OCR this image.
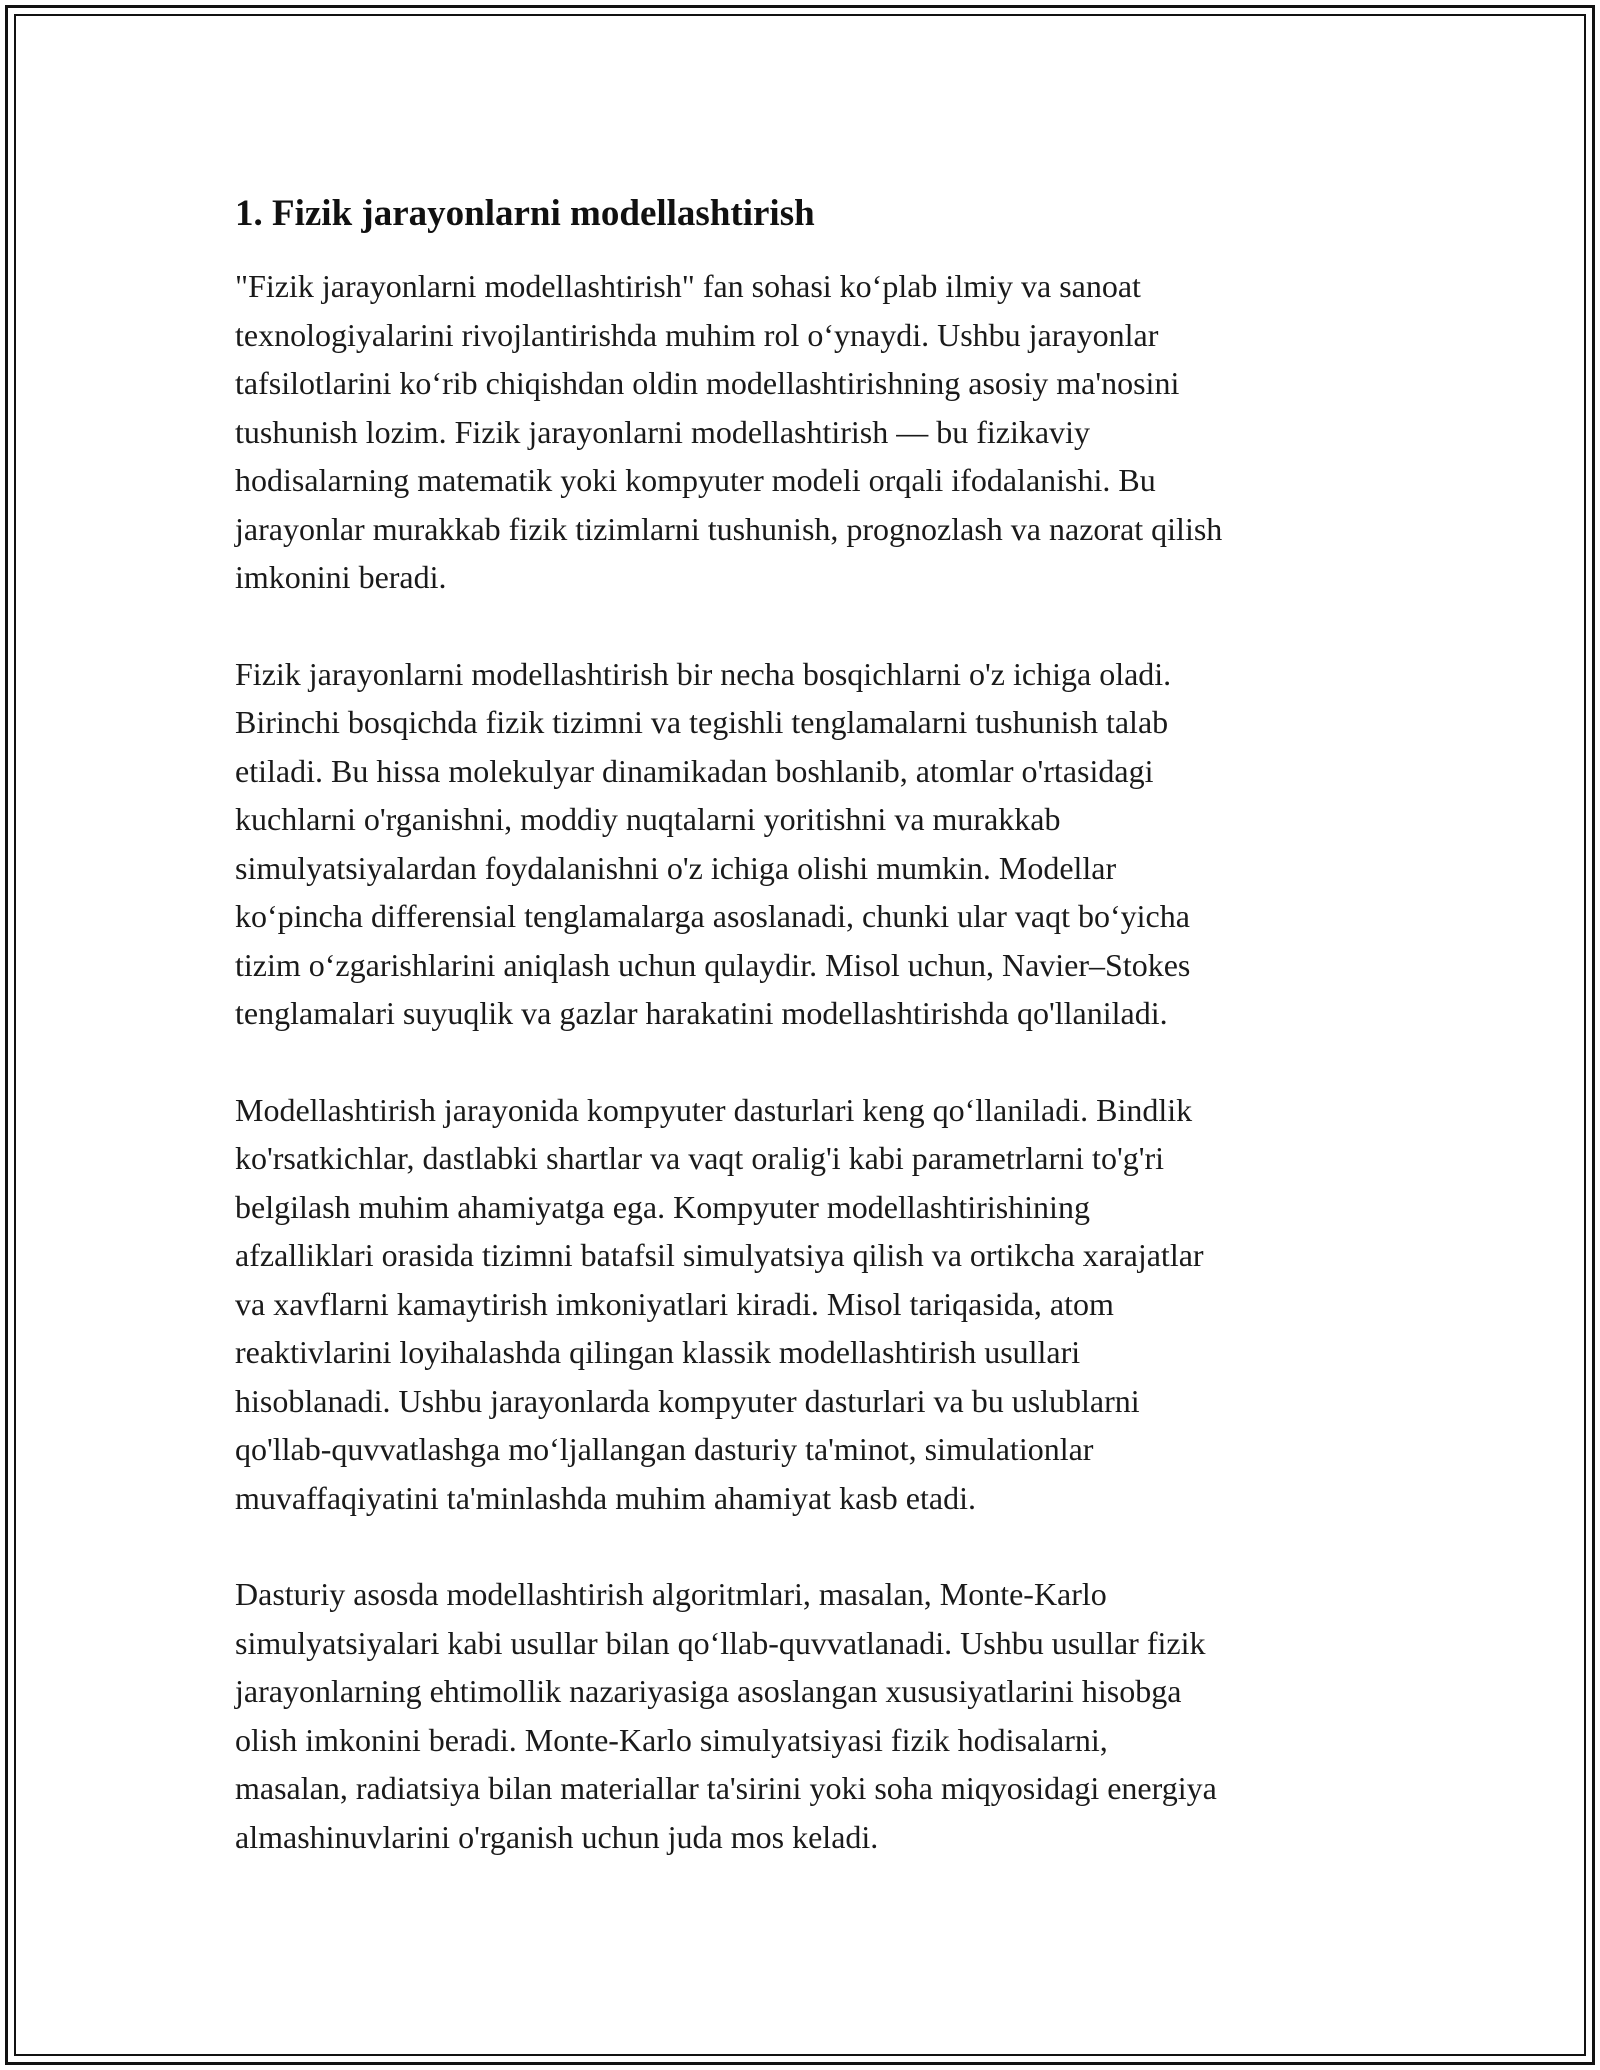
1. Fizik jarayonlarni modellashtirish

"Fizik jarayonlarni modellashtirish" fan sohasi ko‘plab ilmiy va sanoat
texnologiyalarini rivojlantirishda muhim rol o‘ynaydi. Ushbu jarayonlar
tafsilotlarini ko‘rib chiqishdan oldin modellashtirishning asosiy ma'nosini
tushunish lozim. Fizik jarayonlarni modellashtirish — bu fizikaviy
hodisalarning matematik yoki kompyuter modeli orqali ifodalanishi. Bu
jarayonlar murakkab fizik tizimlarni tushunish, prognozlash va nazorat qilish
imkonini beradi.

Fizik jarayonlarni modellashtirish bir necha bosqichlarni o'z ichiga oladi.
Birinchi bosqichda fizik tizimni va tegishli tenglamalarni tushunish talab
etiladi. Bu hissa molekulyar dinamikadan boshlanib, atomlar o'rtasidagi
kuchlarni o'rganishni, moddiy nuqtalarni yoritishni va murakkab
simulyatsiyalardan foydalanishni o'z ichiga olishi mumkin. Modellar
ko‘pincha differensial tenglamalarga asoslanadi, chunki ular vaqt bo‘yicha
tizim o‘zgarishlarini aniqlash uchun qulaydir. Misol uchun, Navier–Stokes
tenglamalari suyuqlik va gazlar harakatini modellashtirishda qo'llaniladi.

Modellashtirish jarayonida kompyuter dasturlari keng qo‘llaniladi. Bindlik
ko'rsatkichlar, dastlabki shartlar va vaqt oralig'i kabi parametrlarni to'g'ri
belgilash muhim ahamiyatga ega. Kompyuter modellashtirishining
afzalliklari orasida tizimni batafsil simulyatsiya qilish va ortikcha xarajatlar
va xavflarni kamaytirish imkoniyatlari kiradi. Misol tariqasida, atom
reaktivlarini loyihalashda qilingan klassik modellashtirish usullari
hisoblanadi. Ushbu jarayonlarda kompyuter dasturlari va bu uslublarni
qo'llab-quvvatlashga mo‘ljallangan dasturiy ta'minot, simulationlar
muvaffaqiyatini ta'minlashda muhim ahamiyat kasb etadi.

Dasturiy asosda modellashtirish algoritmlari, masalan, Monte-Karlo
simulyatsiyalari kabi usullar bilan qo‘llab-quvvatlanadi. Ushbu usullar fizik
jarayonlarning ehtimollik nazariyasiga asoslangan xususiyatlarini hisobga
olish imkonini beradi. Monte-Karlo simulyatsiyasi fizik hodisalarni,
masalan, radiatsiya bilan materiallar ta'sirini yoki soha miqyosidagi energiya
almashinuvlarini o'rganish uchun juda mos keladi.
